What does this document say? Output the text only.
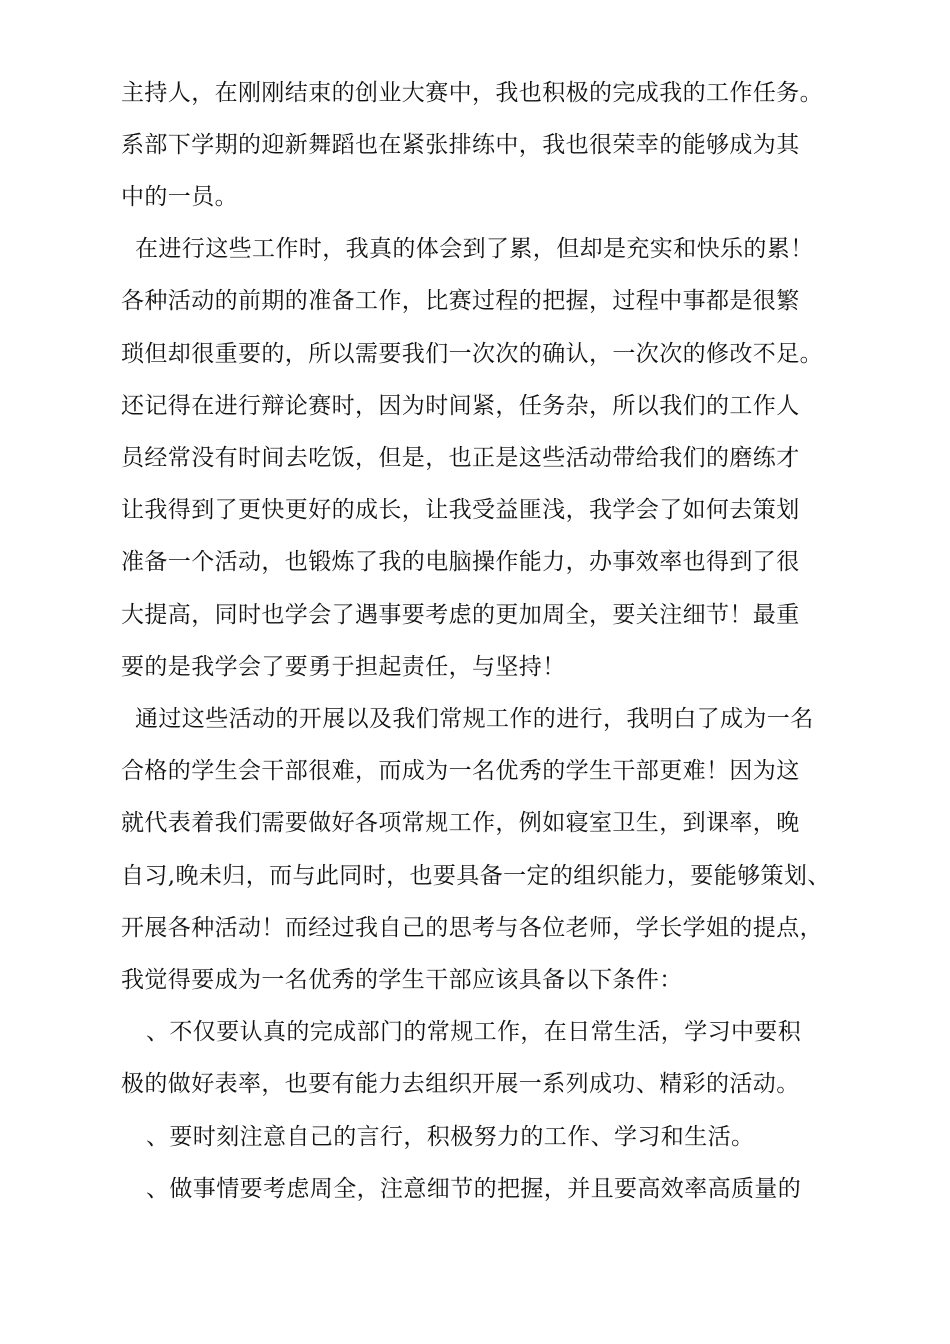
主持人，在刚刚结束的创业大赛中，我也积极的完成我的工作任务。
系部下学期的迎新舞蹈也在紧张排练中，我也很荣幸的能够成为其
中的一员。
在进行这些工作时，我真的体会到了累，但却是充实和快乐的累！
各种活动的前期的准备工作，比赛过程的把握，过程中事都是很繁
琐但却很重要的，所以需要我们一次次的确认，一次次的修改不足。
还记得在进行辩论赛时，因为时间紧，任务杂，所以我们的工作人
员经常没有时间去吃饭，但是，也正是这些活动带给我们的磨练才
让我得到了更快更好的成长，让我受益匪浅，我学会了如何去策划
准备一个活动，也锻炼了我的电脑操作能力，办事效率也得到了很
大提高，同时也学会了遇事要考虑的更加周全，要关注细节！最重
要的是我学会了要勇于担起责任，与坚持！
通过这些活动的开展以及我们常规工作的进行，我明白了成为一名
合格的学生会干部很难，而成为一名优秀的学生干部更难！因为这
就代表着我们需要做好各项常规工作，例如寝室卫生，到课率，晚
自习,晚未归，而与此同时，也要具备一定的组织能力，要能够策划、
开展各种活动！而经过我自己的思考与各位老师，学长学姐的提点，
我觉得要成为一名优秀的学生干部应该具备以下条件：
、不仅要认真的完成部门的常规工作，在日常生活，学习中要积
极的做好表率，也要有能力去组织开展一系列成功、精彩的活动。
、要时刻注意自己的言行，积极努力的工作、学习和生活。
、做事情要考虑周全，注意细节的把握，并且要高效率高质量的
